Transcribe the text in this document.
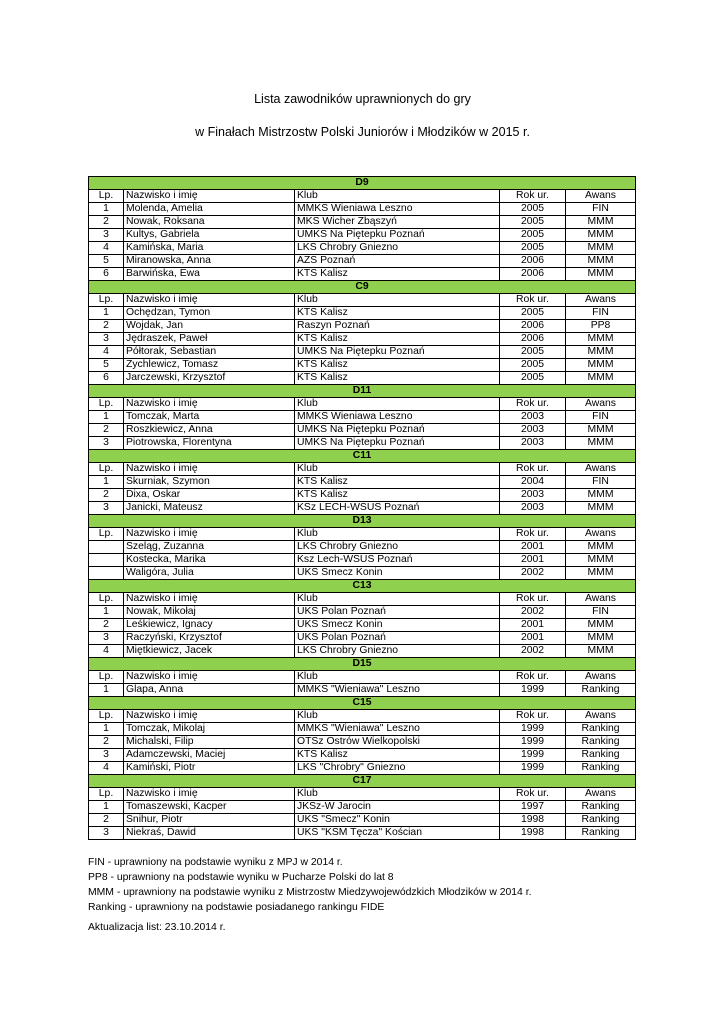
Lista zawodników uprawnionych do gry
w Finałach Mistrzostw Polski Juniorów i Młodzików w 2015 r.
D9				
Lp.	Nazwisko i imię	Klub	Rok ur.	Awans
1	Molenda, Amelia	MMKS Wieniawa Leszno	2005	FIN
2	Nowak, Roksana	MKS Wicher Zbąszyń	2005	MMM
3	Kultys, Gabriela	UMKS Na Piętерku Poznań	2005	MMM
4	Kamińska, Maria	LKS Chrobry Gniezno	2005	MMM
5	Miranowska, Anna	AZS Poznań	2006	MMM
6	Barwińska, Ewa	KTS Kalisz	2006	MMM
C9				
Lp.	Nazwisko i imię	Klub	Rok ur.	Awans
1	Ochędzan, Tymon	KTS Kalisz	2005	FIN
2	Wojdak, Jan	Raszyn Poznań	2006	PP8
3	Jędraszek, Paweł	KTS Kalisz	2006	MMM
4	Półtorak, Sebastian	UMKS Na Piętерku Poznań	2005	MMM
5	Żychlewicz, Tomasz	KTS Kalisz	2005	MMM
6	Jarczewski, Krzysztof	KTS Kalisz	2005	MMM
D11				
Lp.	Nazwisko i imię	Klub	Rok ur.	Awans
1	Tomczak, Marta	MMKS Wieniawa Leszno	2003	FIN
2	Roszkiewicz, Anna	UMKS Na Piętерku Poznań	2003	MMM
3	Piotrowska, Florentyna	UMKS Na Piętерku Poznań	2003	MMM
C11				
Lp.	Nazwisko i imię	Klub	Rok ur.	Awans
1	Skurniak, Szymon	KTS Kalisz	2004	FIN
2	Dixa, Oskar	KTS Kalisz	2003	MMM
3	Janicki, Mateusz	KSz LECH-WSUS Poznań	2003	MMM
D13				
Lp.	Nazwisko i imię	Klub	Rok ur.	Awans
	Szeląg, Zuzanna	LKS Chrobry Gniezno	2001	MMM
	Kostecka, Marika	Ksz Lech-WSUS Poznań	2001	MMM
	Waligóra, Julia	UKS Smecz Konin	2002	MMM
C13				
Lp.	Nazwisko i imię	Klub	Rok ur.	Awans
1	Nowak, Mikołaj	UKS Polan Poznań	2002	FIN
2	Leśkiewicz, Ignacy	UKS Smecz Konin	2001	MMM
3	Raczyński, Krzysztof	UKS Polan Poznań	2001	MMM
4	Miętkiewicz, Jacek	LKS Chrobry Gniezno	2002	MMM
D15				
Lp.	Nazwisko i imię	Klub	Rok ur.	Awans
1	Glapa, Anna	MMKS "Wieniawa" Leszno	1999	Ranking
C15				
Lp.	Nazwisko i imię	Klub	Rok ur.	Awans
1	Tomczak, Mikolaj	MMKS "Wieniawa" Leszno	1999	Ranking
2	Michalski, Filip	OTSz Ostrów Wielkopolski	1999	Ranking
3	Adamczewski, Maciej	KTS Kalisz	1999	Ranking
4	Kamiński, Piotr	LKS "Chrobry" Gniezno	1999	Ranking
C17				
Lp.	Nazwisko i imię	Klub	Rok ur.	Awans
1	Tomaszewski, Kacper	JKSz-W Jarocin	1997	Ranking
2	Śnihur, Piotr	UKS "Smecz" Konin	1998	Ranking
3	Niekraś, Dawid	UKS "KSM Tęcza" Kościan	1998	Ranking
FIN - uprawniony na podstawie wyniku z MPJ w 2014 r.
PP8 - uprawniony na podstawie wyniku w Pucharze Polski do lat 8
MMM - uprawniony na podstawie wyniku z Mistrzostw Miedzywojewódzkich Młodzików w 2014 r.
Ranking - uprawniony na podstawie posiadanego rankingu FIDE
Aktualizacja list: 23.10.2014 r.
